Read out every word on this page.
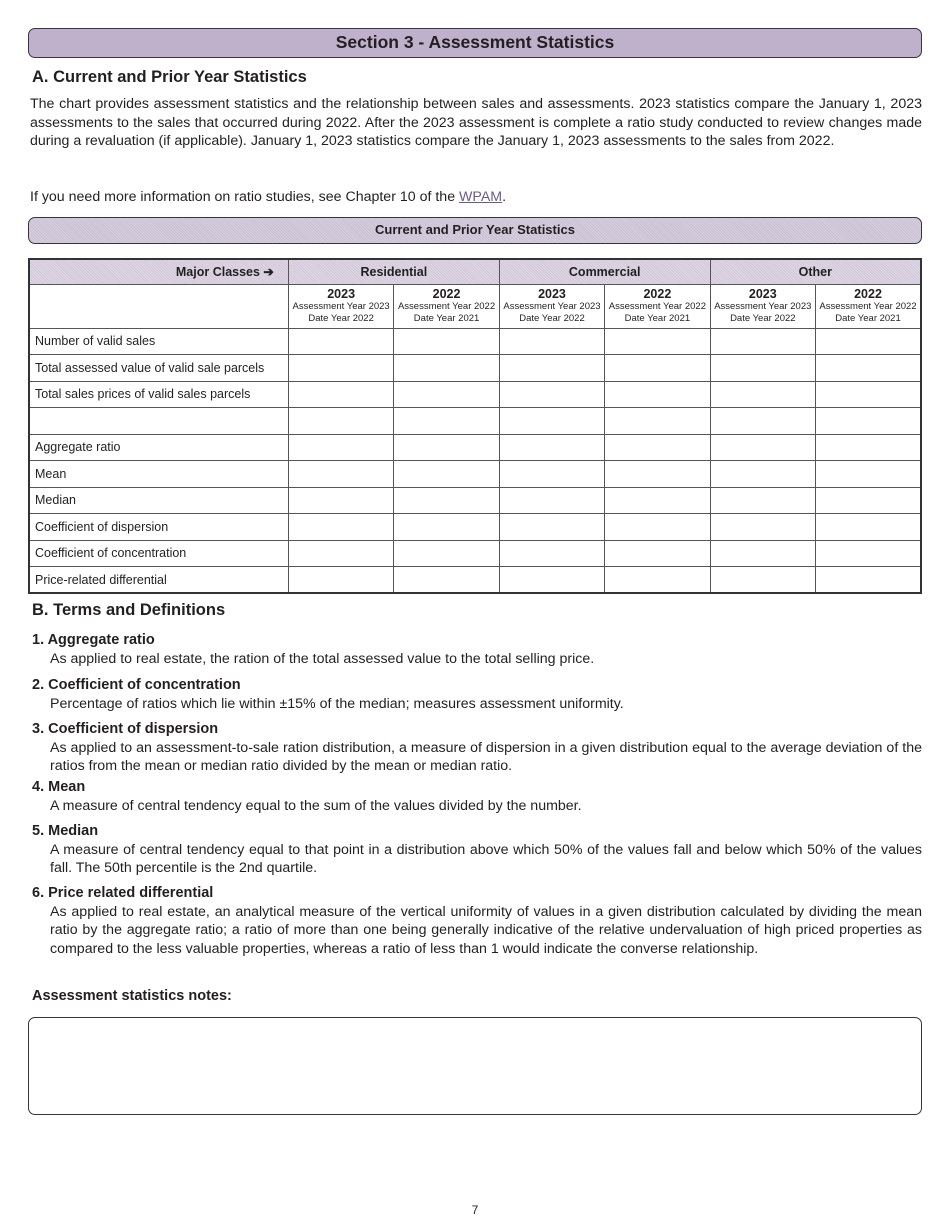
Section 3 - Assessment Statistics
A. Current and Prior Year Statistics
The chart provides assessment statistics and the relationship between sales and assessments. 2023 statistics compare the January 1, 2023 assessments to the sales that occurred during 2022. After the 2023 assessment is complete a ratio study conducted to review changes made during a revaluation (if applicable). January 1, 2023 statistics compare the January 1, 2023 assessments to the sales from 2022.
If you need more information on ratio studies, see Chapter 10 of the WPAM.
Current and Prior Year Statistics
Major Classes ➔	Residential		Commercial		Other	

	2023
Assessment Year 2023
Date Year 2022	2022
Assessment Year 2022
Date Year 2021	2023
Assessment Year 2023
Date Year 2022	2022
Assessment Year 2022
Date Year 2021	2023
Assessment Year 2023
Date Year 2022	2022
Assessment Year 2022
Date Year 2021
Number of valid sales						
Total assessed value of valid sale parcels						
Total sales prices of valid sales parcels						

Aggregate ratio						
Mean						
Median						
Coefficient of dispersion						
Coefficient of concentration						
Price-related differential						
B. Terms and Definitions
1. Aggregate ratio
As applied to real estate, the ration of the total assessed value to the total selling price.
2. Coefficient of concentration
Percentage of ratios which lie within ±15% of the median; measures assessment uniformity.
3. Coefficient of dispersion
As applied to an assessment-to-sale ration distribution, a measure of dispersion in a given distribution equal to the average deviation of the ratios from the mean or median ratio divided by the mean or median ratio.
4. Mean
A measure of central tendency equal to the sum of the values divided by the number.
5. Median
A measure of central tendency equal to that point in a distribution above which 50% of the values fall and below which 50% of the values fall. The 50th percentile is the 2nd quartile.
6. Price related differential
As applied to real estate, an analytical measure of the vertical uniformity of values in a given distribution calculated by dividing the mean ratio by the aggregate ratio; a ratio of more than one being generally indicative of the relative undervaluation of high priced properties as compared to the less valuable properties, whereas a ratio of less than 1 would indicate the converse relationship.
Assessment statistics notes:
7
